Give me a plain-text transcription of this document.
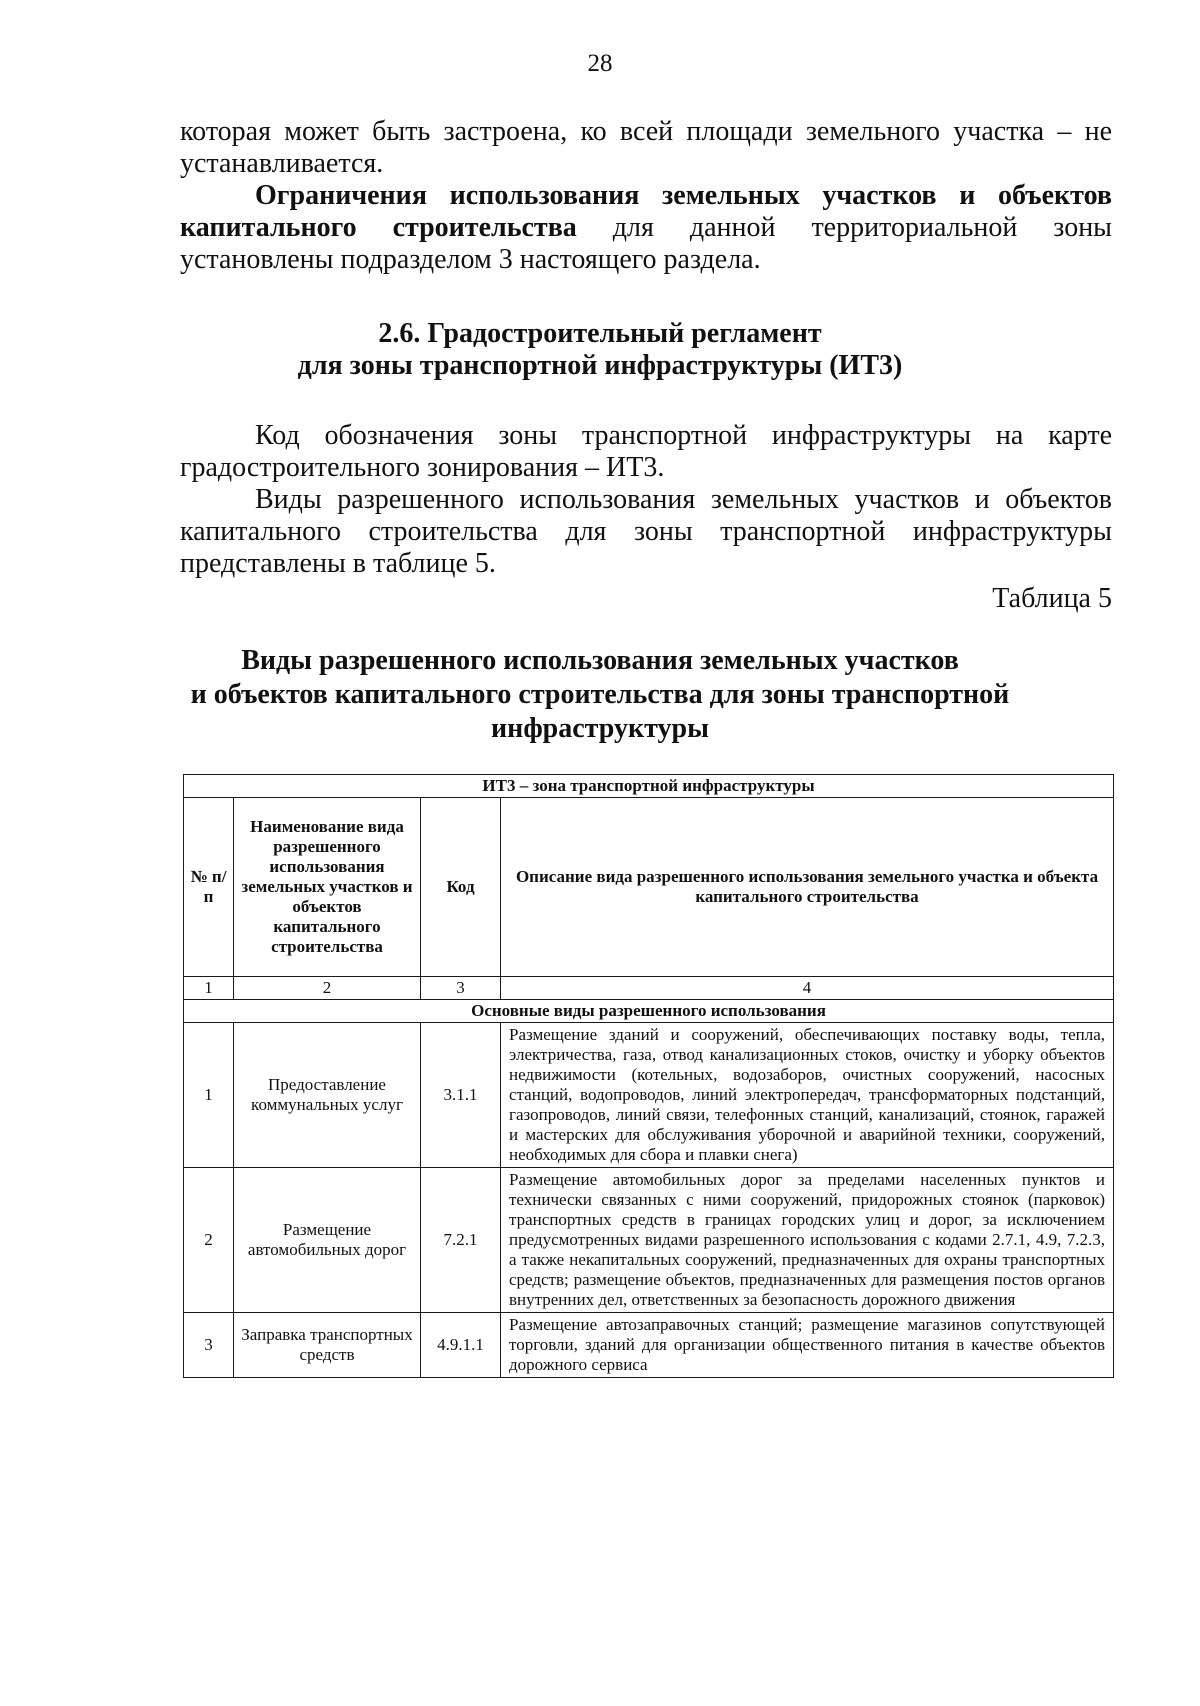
28

которая может быть застроена, ко всей площади земельного участка – не устанавливается.

Ограничения использования земельных участков и объектов капитального строительства для данной территориальной зоны установлены подразделом 3 настоящего раздела.

2.6. Градостроительный регламент
для зоны транспортной инфраструктуры (ИТ3)

Код обозначения зоны транспортной инфраструктуры на карте градостроительного зонирования – ИТ3.

Виды разрешенного использования земельных участков и объектов капитального строительства для зоны транспортной инфраструктуры представлены в таблице 5.

Таблица 5
Виды разрешенного использования земельных участков
и объектов капитального строительства для зоны транспортной
инфраструктуры
ИТ3 – зона транспортной инфраструктуры			
№ п/п	Наименование вида разрешенного использования земельных участков и объектов капитального строительства	Код	Описание вида разрешенного использования земельного участка и объекта капитального строительства
1	2	3	4
Основные виды разрешенного использования			
1	Предоставление коммунальных услуг	3.1.1	Размещение зданий и сооружений, обеспечивающих поставку воды, тепла, электричества, газа, отвод канализационных стоков, очистку и уборку объектов недвижимости (котельных, водозаборов, очистных сооружений, насосных станций, водопроводов, линий электропередач, трансформаторных подстанций, газопроводов, линий связи, телефонных станций, канализаций, стоянок, гаражей и мастерских для обслуживания уборочной и аварийной техники, сооружений, необходимых для сбора и плавки снега)
2	Размещение автомобильных дорог	7.2.1	Размещение автомобильных дорог за пределами населенных пунктов и технически связанных с ними сооружений, придорожных стоянок (парковок) транспортных средств в границах городских улиц и дорог, за исключением предусмотренных видами разрешенного использования с кодами 2.7.1, 4.9, 7.2.3, а также некапитальных сооружений, предназначенных для охраны транспортных средств; размещение объектов, предназначенных для размещения постов органов внутренних дел, ответственных за безопасность дорожного движения
3	Заправка транспортных средств	4.9.1.1	Размещение автозаправочных станций; размещение магазинов сопутствующей торговли, зданий для организации общественного питания в качестве объектов дорожного сервиса
